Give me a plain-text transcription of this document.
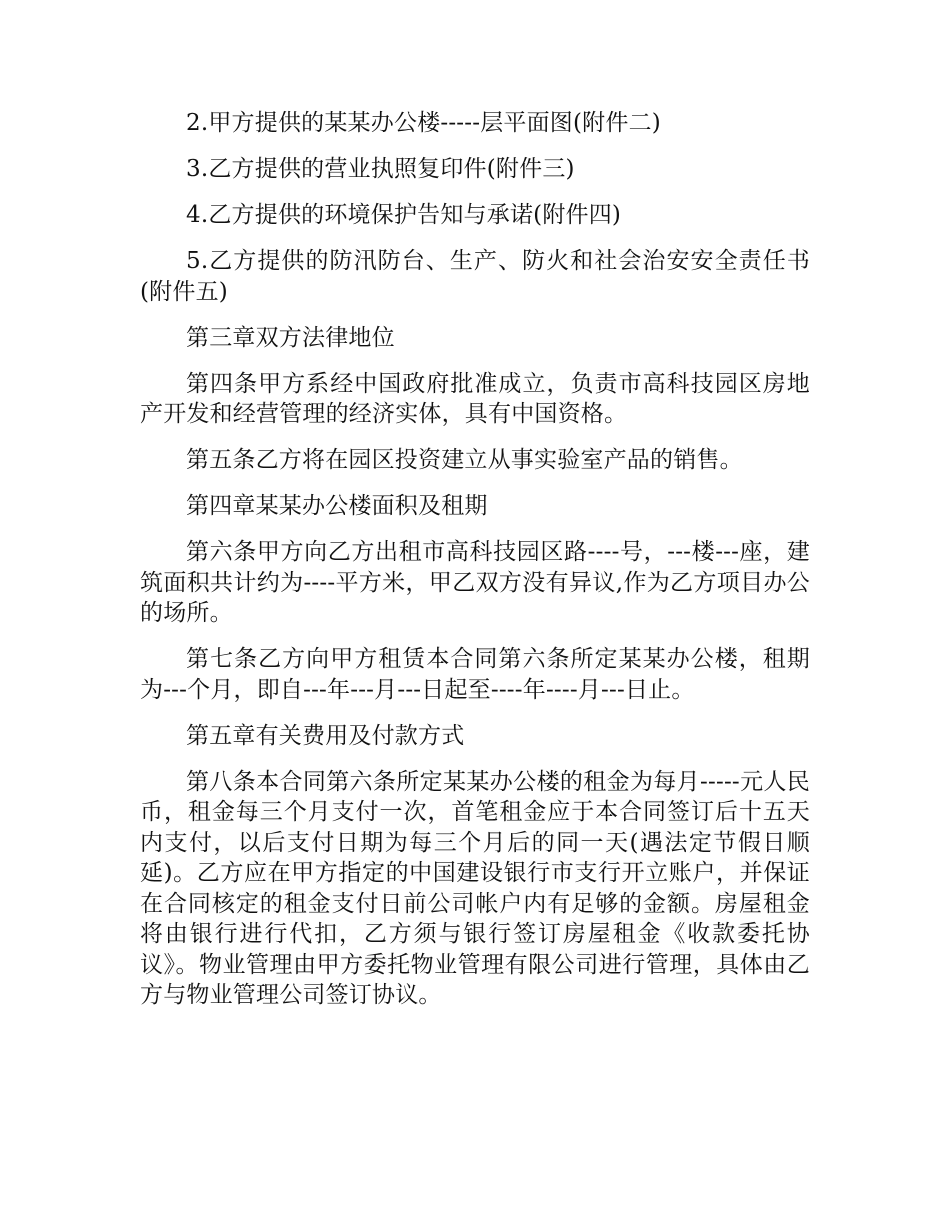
2.甲方提供的某某办公楼-----层平面图(附件二)

3.乙方提供的营业执照复印件(附件三)

4.乙方提供的环境保护告知与承诺(附件四)

5.乙方提供的防汛防台、生产、防火和社会治安安全责任书(附件五)

第三章双方法律地位

第四条甲方系经中国政府批准成立，负责市高科技园区房地产开发和经营管理的经济实体，具有中国资格。

第五条乙方将在园区投资建立从事实验室产品的销售。

第四章某某办公楼面积及租期

第六条甲方向乙方出租市高科技园区路----号，---楼---座，建筑面积共计约为----平方米，甲乙双方没有异议,作为乙方项目办公的场所。

第七条乙方向甲方租赁本合同第六条所定某某办公楼，租期为---个月，即自---年---月---日起至----年----月---日止。

第五章有关费用及付款方式

第八条本合同第六条所定某某办公楼的租金为每月-----元人民币，租金每三个月支付一次，首笔租金应于本合同签订后十五天内支付，以后支付日期为每三个月后的同一天(遇法定节假日顺延)。乙方应在甲方指定的中国建设银行市支行开立账户，并保证在合同核定的租金支付日前公司帐户内有足够的金额。房屋租金将由银行进行代扣，乙方须与银行签订房屋租金《收款委托协议》。物业管理由甲方委托物业管理有限公司进行管理，具体由乙方与物业管理公司签订协议。
